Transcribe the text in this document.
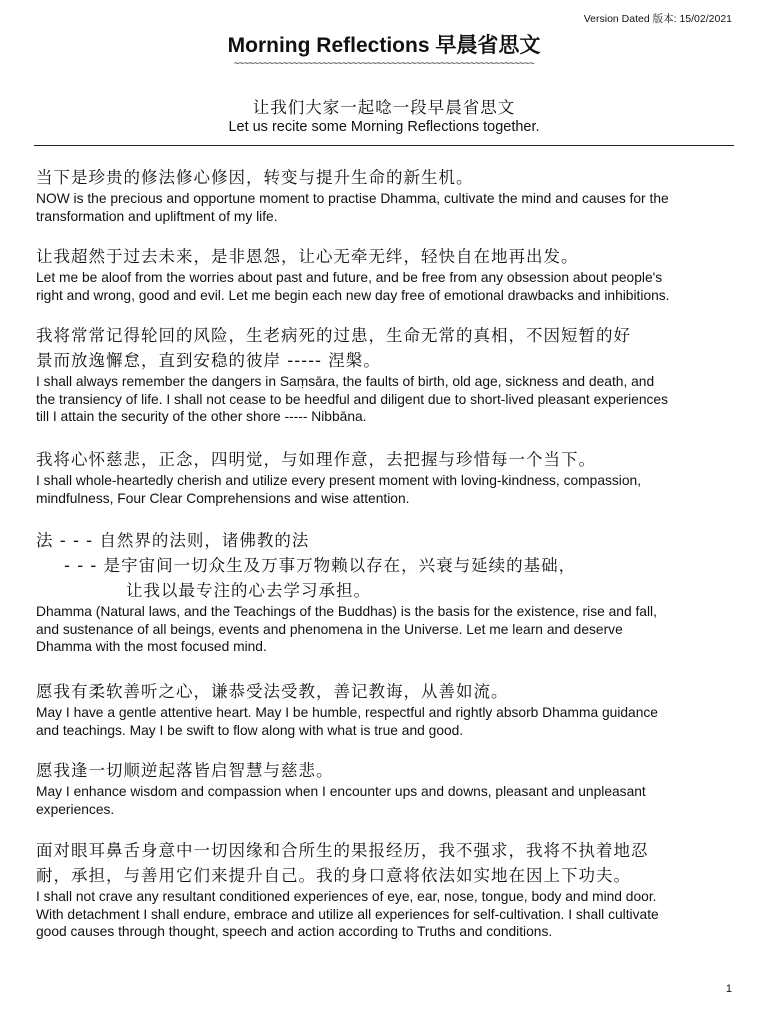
Version Dated 版本: 15/02/2021
Morning Reflections 早晨省思文
~~~~~~~~~~~~~~~~~~~~~~~~~~~~~~~~~~~~~~~~~~~~~~~~~~~~~~~~~~~~~
让我们大家一起唸一段早晨省思文
Let us recite some Morning Reflections together.

当下是珍贵的修法修心修因，转变与提升生命的新生机。

NOW is the precious and opportune moment to practise Dhamma, cultivate the mind and causes for the

transformation and upliftment of my life.

让我超然于过去未来，是非恩怨，让心无牵无绊，轻快自在地再出发。

Let me be aloof from the worries about past and future, and be free from any obsession about people's

right and wrong, good and evil. Let me begin each new day free of emotional drawbacks and inhibitions.

我将常常记得轮回的风险，生老病死的过患，生命无常的真相，不因短暂的好

景而放逸懈怠，直到安稳的彼岸 ----- 涅槃。

I shall always remember the dangers in Saṃsāra, the faults of birth, old age, sickness and death, and

the transiency of life. I shall not cease to be heedful and diligent due to short-lived pleasant experiences

till I attain the security of the other shore ----- Nibbāna.

我将心怀慈悲，正念，四明觉，与如理作意，去把握与珍惜每一个当下。

I shall whole-heartedly cherish and utilize every present moment with loving-kindness, compassion,

mindfulness, Four Clear Comprehensions and wise attention.

法 - - - 自然界的法则，诸佛教的法

- - - 是宇宙间一切众生及万事万物赖以存在，兴衰与延续的基础，

让我以最专注的心去学习承担。

Dhamma (Natural laws, and the Teachings of the Buddhas) is the basis for the existence, rise and fall,

and sustenance of all beings, events and phenomena in the Universe. Let me learn and deserve

Dhamma with the most focused mind.

愿我有柔软善听之心，谦恭受法受教，善记教诲，从善如流。

May I have a gentle attentive heart. May I be humble, respectful and rightly absorb Dhamma guidance

and teachings. May I be swift to flow along with what is true and good.

愿我逢一切顺逆起落皆启智慧与慈悲。

May I enhance wisdom and compassion when I encounter ups and downs, pleasant and unpleasant

experiences.

面对眼耳鼻舌身意中一切因缘和合所生的果报经历，我不强求，我将不执着地忍

耐，承担，与善用它们来提升自己。我的身口意将依法如实地在因上下功夫。

I shall not crave any resultant conditioned experiences of eye, ear, nose, tongue, body and mind door.

With detachment I shall endure, embrace and utilize all experiences for self-cultivation. I shall cultivate

good causes through thought, speech and action according to Truths and conditions.

1
